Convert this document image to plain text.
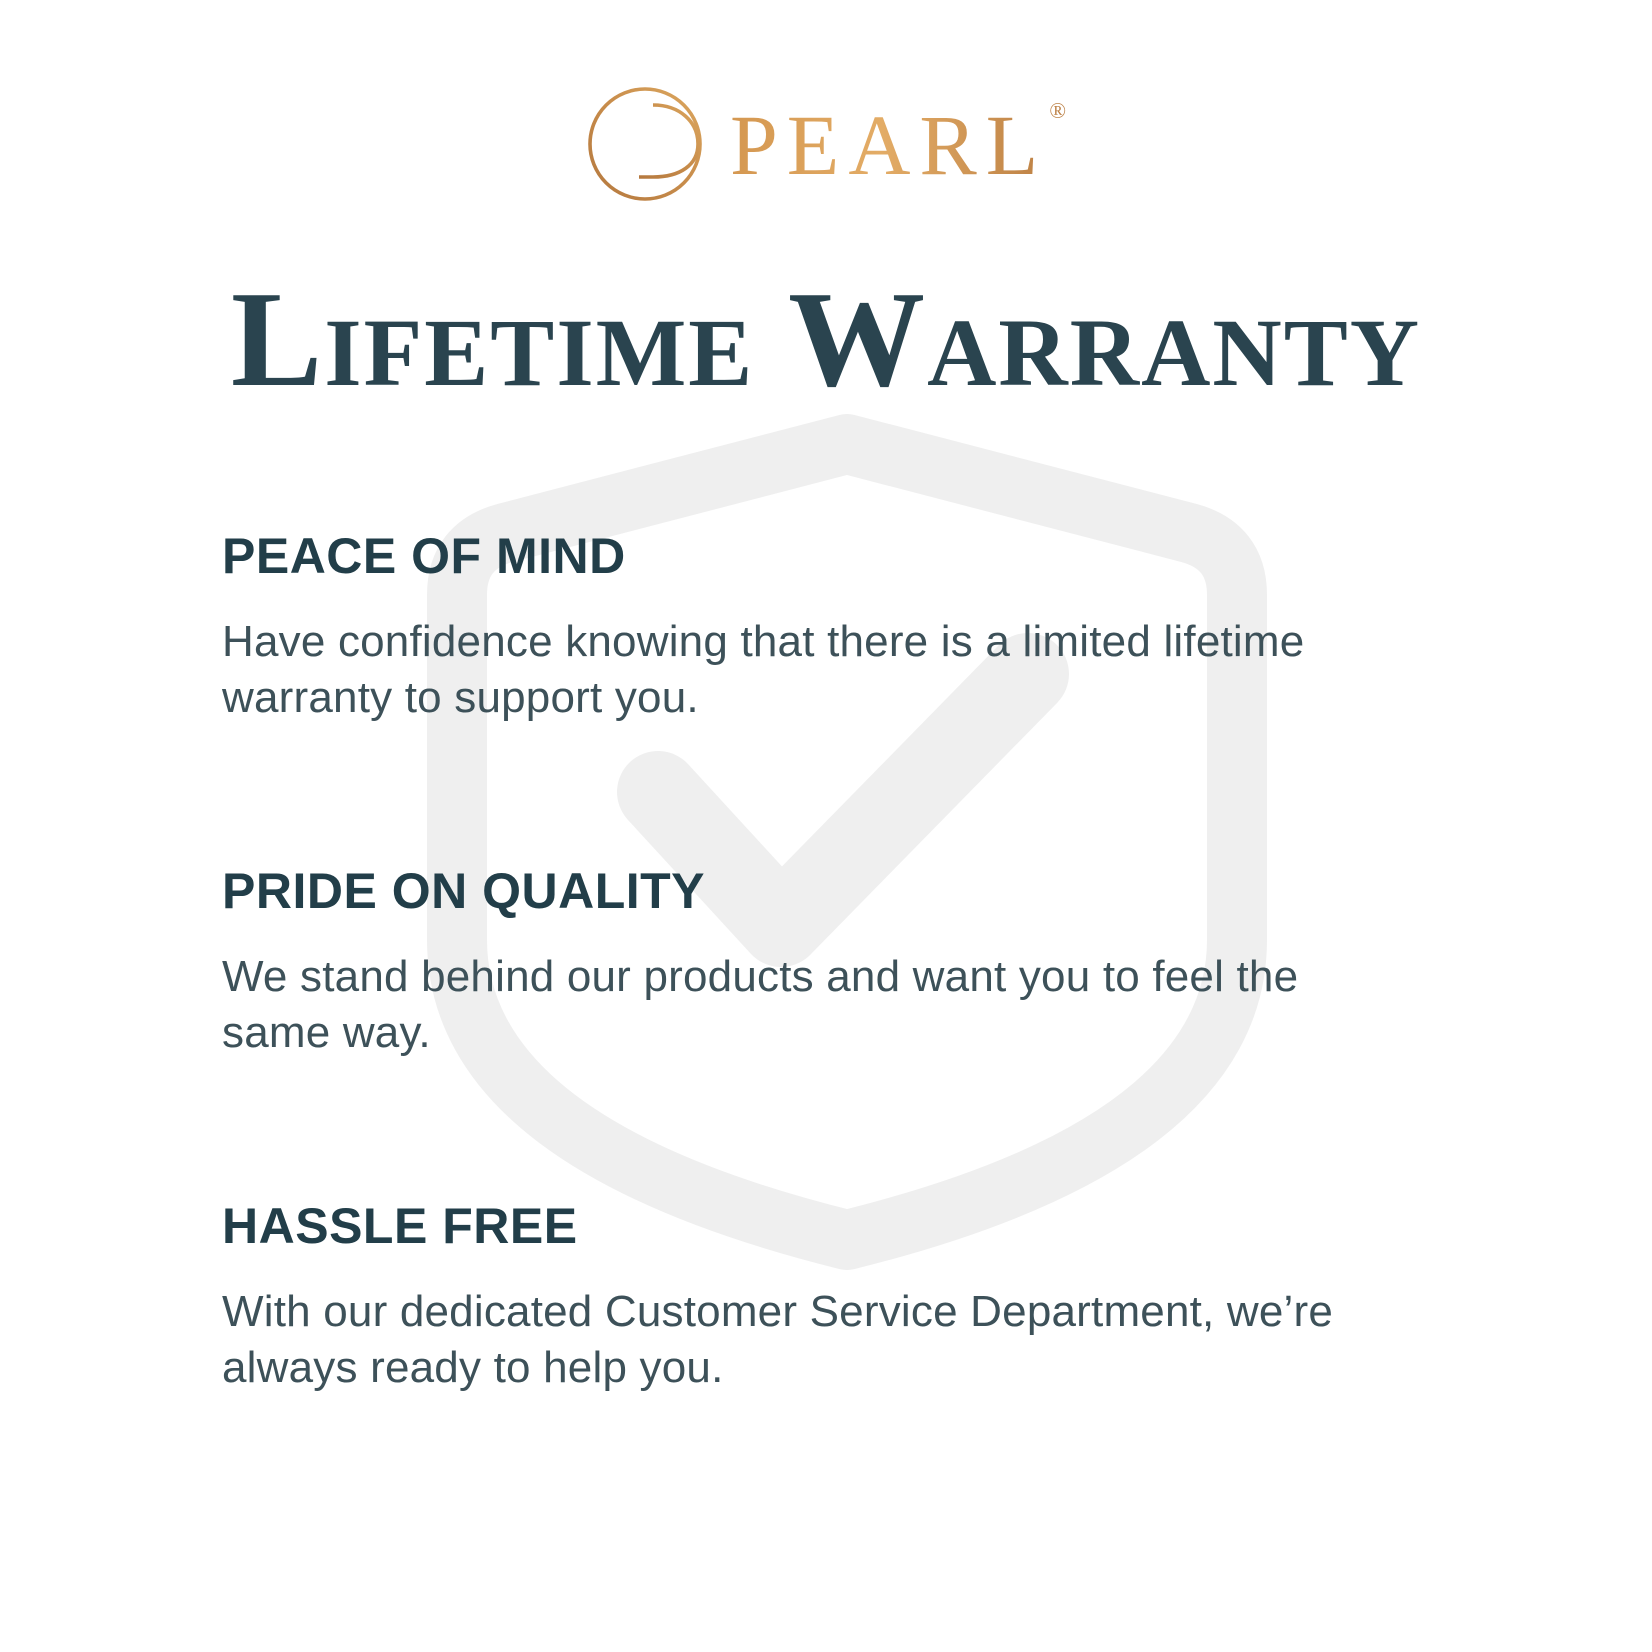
PEARL®
Lifetime Warranty
PEACE OF MIND

Have confidence knowing that there is a limited lifetime
warranty to support you.

PRIDE ON QUALITY

We stand behind our products and want you to feel the
same way.

HASSLE FREE

With our dedicated Customer Service Department, we’re
always ready to help you.
